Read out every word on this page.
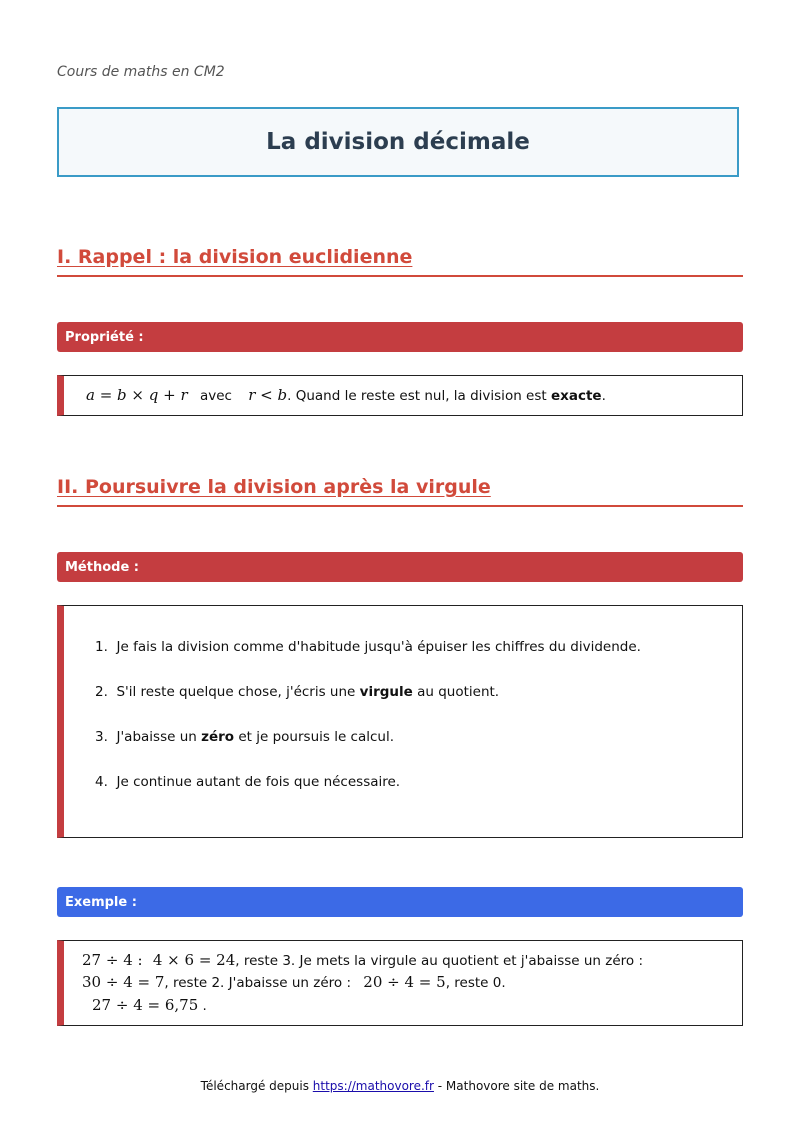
Cours de maths en CM2
La division décimale
I. Rappel : la division euclidienne
Propriété :
a = b × q + r avec r < b. Quand le reste est nul, la division est exacte.
II. Poursuivre la division après la virgule
Méthode :
1. Je fais la division comme d'habitude jusqu'à épuiser les chiffres du dividende.
2. S'il reste quelque chose, j'écris une virgule au quotient.
3. J'abaisse un zéro et je poursuis le calcul.
4. Je continue autant de fois que nécessaire.
Exemple :
27 ÷ 4 : 4 × 6 = 24, reste 3. Je mets la virgule au quotient et j'abaisse un zéro :
30 ÷ 4 = 7, reste 2. J'abaisse un zéro : 20 ÷ 4 = 5, reste 0.
27 ÷ 4 = 6,75 .
Téléchargé depuis https://mathovore.fr - Mathovore site de maths.
